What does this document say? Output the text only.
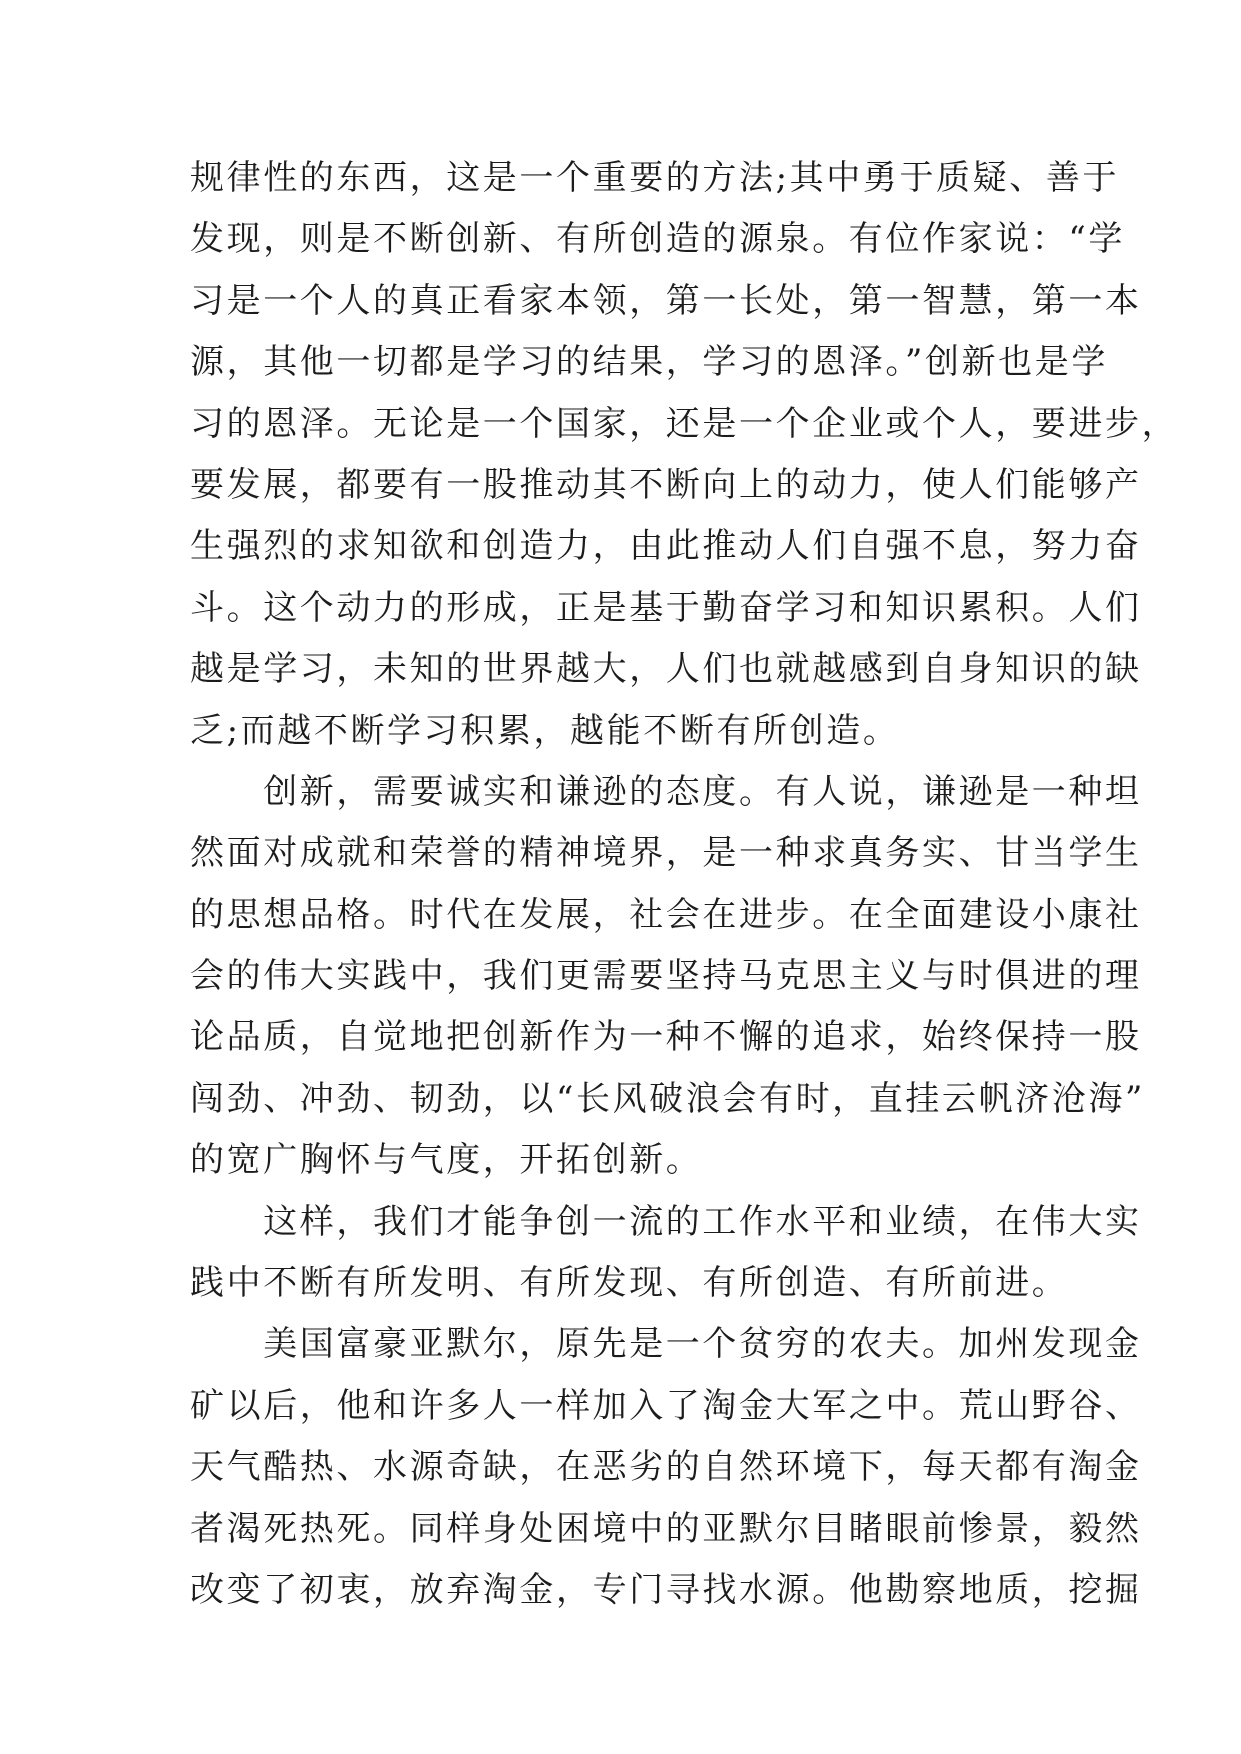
规律性的东西，这是一个重要的方法;其中勇于质疑、善于
发现，则是不断创新、有所创造的源泉。有位作家说：“学
习是一个人的真正看家本领，第一长处，第一智慧，第一本
源，其他一切都是学习的结果，学习的恩泽。”创新也是学
习的恩泽。无论是一个国家，还是一个企业或个人，要进步，
要发展，都要有一股推动其不断向上的动力，使人们能够产
生强烈的求知欲和创造力，由此推动人们自强不息，努力奋
斗。这个动力的形成，正是基于勤奋学习和知识累积。人们
越是学习，未知的世界越大，人们也就越感到自身知识的缺
乏;而越不断学习积累，越能不断有所创造。
　　创新，需要诚实和谦逊的态度。有人说，谦逊是一种坦
然面对成就和荣誉的精神境界，是一种求真务实、甘当学生
的思想品格。时代在发展，社会在进步。在全面建设小康社
会的伟大实践中，我们更需要坚持马克思主义与时俱进的理
论品质，自觉地把创新作为一种不懈的追求，始终保持一股
闯劲、冲劲、韧劲，以“长风破浪会有时，直挂云帆济沧海”
的宽广胸怀与气度，开拓创新。
　　这样，我们才能争创一流的工作水平和业绩，在伟大实
践中不断有所发明、有所发现、有所创造、有所前进。
　　美国富豪亚默尔，原先是一个贫穷的农夫。加州发现金
矿以后，他和许多人一样加入了淘金大军之中。荒山野谷、
天气酷热、水源奇缺，在恶劣的自然环境下，每天都有淘金
者渴死热死。同样身处困境中的亚默尔目睹眼前惨景，毅然
改变了初衷，放弃淘金，专门寻找水源。他勘察地质，挖掘
